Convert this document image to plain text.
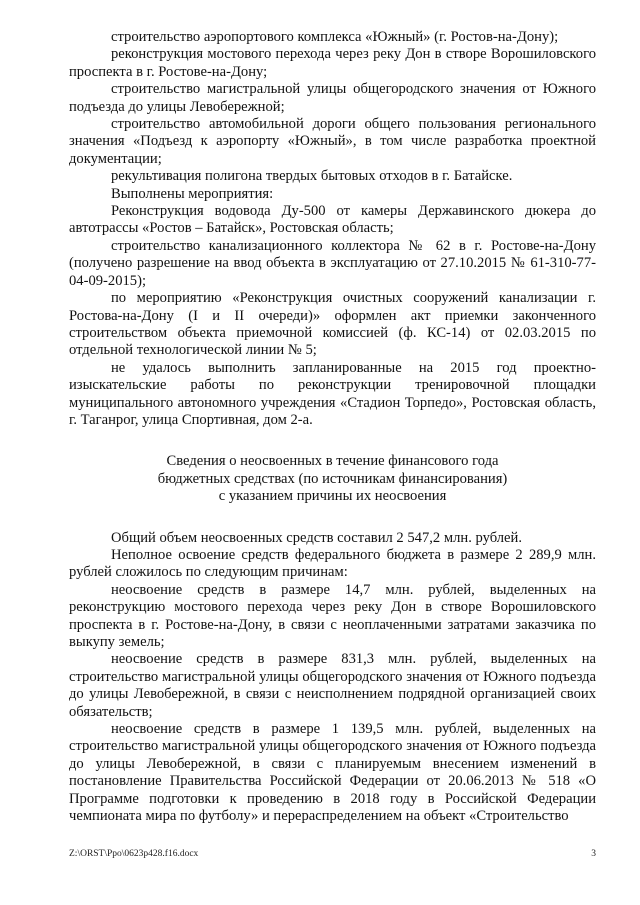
строительство аэропортового комплекса «Южный» (г. Ростов-на-Дону);

реконструкция мостового перехода через реку Дон в створе Ворошиловского проспекта в г. Ростове-на-Дону;

строительство магистральной улицы общегородского значения от Южного подъезда до улицы Левобережной;

строительство автомобильной дороги общего пользования регионального значения «Подъезд к аэропорту «Южный», в том числе разработка проектной документации;

рекультивация полигона твердых бытовых отходов в г. Батайске.

Выполнены мероприятия:

Реконструкция водовода Ду-500 от камеры Державинского дюкера до автотрассы «Ростов – Батайск», Ростовская область;

строительство канализационного коллектора № 62 в г. Ростове-на-Дону (получено разрешение на ввод объекта в эксплуатацию от 27.10.2015 № 61-310-77-04-09-2015);

по мероприятию «Реконструкция очистных сооружений канализации г. Ростова-на-Дону (I и II очереди)» оформлен акт приемки законченного строительством объекта приемочной комиссией (ф. КС-14) от 02.03.2015 по отдельной технологической линии № 5;

не удалось выполнить запланированные на 2015 год проектно-изыскательские работы по реконструкции тренировочной площадки муниципального автономного учреждения «Стадион Торпедо», Ростовская область, г. Таганрог, улица Спортивная, дом 2-а.

Сведения о неосвоенных в течение финансового года
бюджетных средствах (по источникам финансирования)
с указанием причины их неосвоения

Общий объем неосвоенных средств составил 2 547,2 млн. рублей.

Неполное освоение средств федерального бюджета в размере 2 289,9 млн. рублей сложилось по следующим причинам:

неосвоение средств в размере 14,7 млн. рублей, выделенных на реконструкцию мостового перехода через реку Дон в створе Ворошиловского проспекта в г. Ростове-на-Дону, в связи с неоплаченными затратами заказчика по выкупу земель;

неосвоение средств в размере 831,3 млн. рублей, выделенных на строительство магистральной улицы общегородского значения от Южного подъезда до улицы Левобережной, в связи с неисполнением подрядной организацией своих обязательств;

неосвоение средств в размере 1 139,5 млн. рублей, выделенных на строительство магистральной улицы общегородского значения от Южного подъезда до улицы Левобережной, в связи с планируемым внесением изменений в постановление Правительства Российской Федерации от 20.06.2013 № 518 «О Программе подготовки к проведению в 2018 году в Российской Федерации чемпионата мира по футболу» и перераспределением на объект «Строительство

Z:\ORST\Ppo\0623p428.f16.docx	3
